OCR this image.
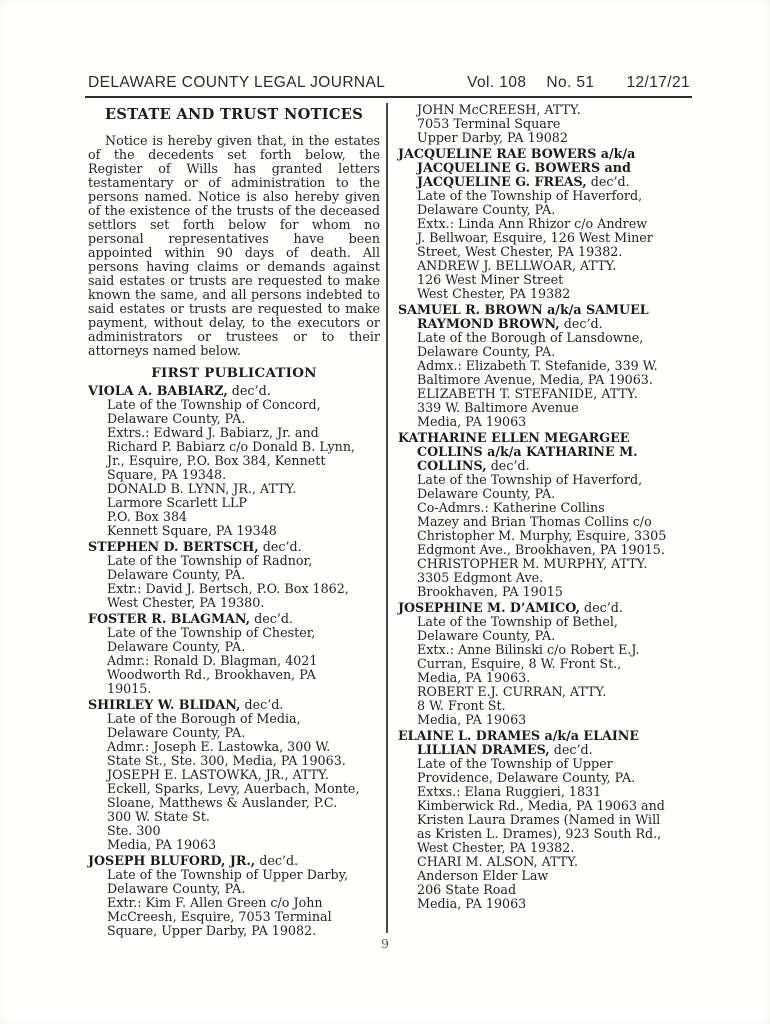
DELAWARE COUNTY LEGAL JOURNAL	Vol. 108 No. 51 12/17/21
ESTATE AND TRUST NOTICES

Notice is hereby given that, in the estates of the decedents set forth below, the Register of Wills has granted letters testamentary or of administration to the persons named. Notice is also hereby given of the existence of the trusts of the deceased settlors set forth below for whom no personal representatives have been appointed within 90 days of death. All persons having claims or demands against said estates or trusts are requested to make known the same, and all persons indebted to said estates or trusts are requested to make payment, without delay, to the executors or administrators or trustees or to their attorneys named below.

FIRST PUBLICATION
VIOLA A. BABIARZ, dec’d.
Late of the Township of Concord,
Delaware County, PA.
Extrs.: Edward J. Babiarz, Jr. and
Richard P. Babiarz c/o Donald B. Lynn,
Jr., Esquire, P.O. Box 384, Kennett
Square, PA 19348.
DONALD B. LYNN, JR., ATTY.
Larmore Scarlett LLP
P.O. Box 384
Kennett Square, PA 19348
STEPHEN D. BERTSCH, dec’d.
Late of the Township of Radnor,
Delaware County, PA.
Extr.: David J. Bertsch, P.O. Box 1862,
West Chester, PA 19380.
FOSTER R. BLAGMAN, dec’d.
Late of the Township of Chester,
Delaware County, PA.
Admr.: Ronald D. Blagman, 4021
Woodworth Rd., Brookhaven, PA
19015.
SHIRLEY W. BLIDAN, dec’d.
Late of the Borough of Media,
Delaware County, PA.
Admr.: Joseph E. Lastowka, 300 W.
State St., Ste. 300, Media, PA 19063.
JOSEPH E. LASTOWKA, JR., ATTY.
Eckell, Sparks, Levy, Auerbach, Monte,
Sloane, Matthews & Auslander, P.C.
300 W. State St.
Ste. 300
Media, PA 19063
JOSEPH BLUFORD, JR., dec’d.
Late of the Township of Upper Darby,
Delaware County, PA.
Extr.: Kim F. Allen Green c/o John
McCreesh, Esquire, 7053 Terminal
Square, Upper Darby, PA 19082.
JOHN McCREESH, ATTY.
7053 Terminal Square
Upper Darby, PA 19082
JACQUELINE RAE BOWERS a/k/a
JACQUELINE G. BOWERS and
JACQUELINE G. FREAS, dec’d.
Late of the Township of Haverford,
Delaware County, PA.
Extx.: Linda Ann Rhizor c/o Andrew
J. Bellwoar, Esquire, 126 West Miner
Street, West Chester, PA 19382.
ANDREW J. BELLWOAR, ATTY.
126 West Miner Street
West Chester, PA 19382
SAMUEL R. BROWN a/k/a SAMUEL
RAYMOND BROWN, dec’d.
Late of the Borough of Lansdowne,
Delaware County, PA.
Admx.: Elizabeth T. Stefanide, 339 W.
Baltimore Avenue, Media, PA 19063.
ELIZABETH T. STEFANIDE, ATTY.
339 W. Baltimore Avenue
Media, PA 19063
KATHARINE ELLEN MEGARGEE
COLLINS a/k/a KATHARINE M.
COLLINS, dec’d.
Late of the Township of Haverford,
Delaware County, PA.
Co-Admrs.: Katherine Collins
Mazey and Brian Thomas Collins c/o
Christopher M. Murphy, Esquire, 3305
Edgmont Ave., Brookhaven, PA 19015.
CHRISTOPHER M. MURPHY, ATTY.
3305 Edgmont Ave.
Brookhaven, PA 19015
JOSEPHINE M. D’AMICO, dec’d.
Late of the Township of Bethel,
Delaware County, PA.
Extx.: Anne Bilinski c/o Robert E.J.
Curran, Esquire, 8 W. Front St.,
Media, PA 19063.
ROBERT E.J. CURRAN, ATTY.
8 W. Front St.
Media, PA 19063
ELAINE L. DRAMES a/k/a ELAINE
LILLIAN DRAMES, dec’d.
Late of the Township of Upper
Providence, Delaware County, PA.
Extxs.: Elana Ruggieri, 1831
Kimberwick Rd., Media, PA 19063 and
Kristen Laura Drames (Named in Will
as Kristen L. Drames), 923 South Rd.,
West Chester, PA 19382.
CHARI M. ALSON, ATTY.
Anderson Elder Law
206 State Road
Media, PA 19063
9
